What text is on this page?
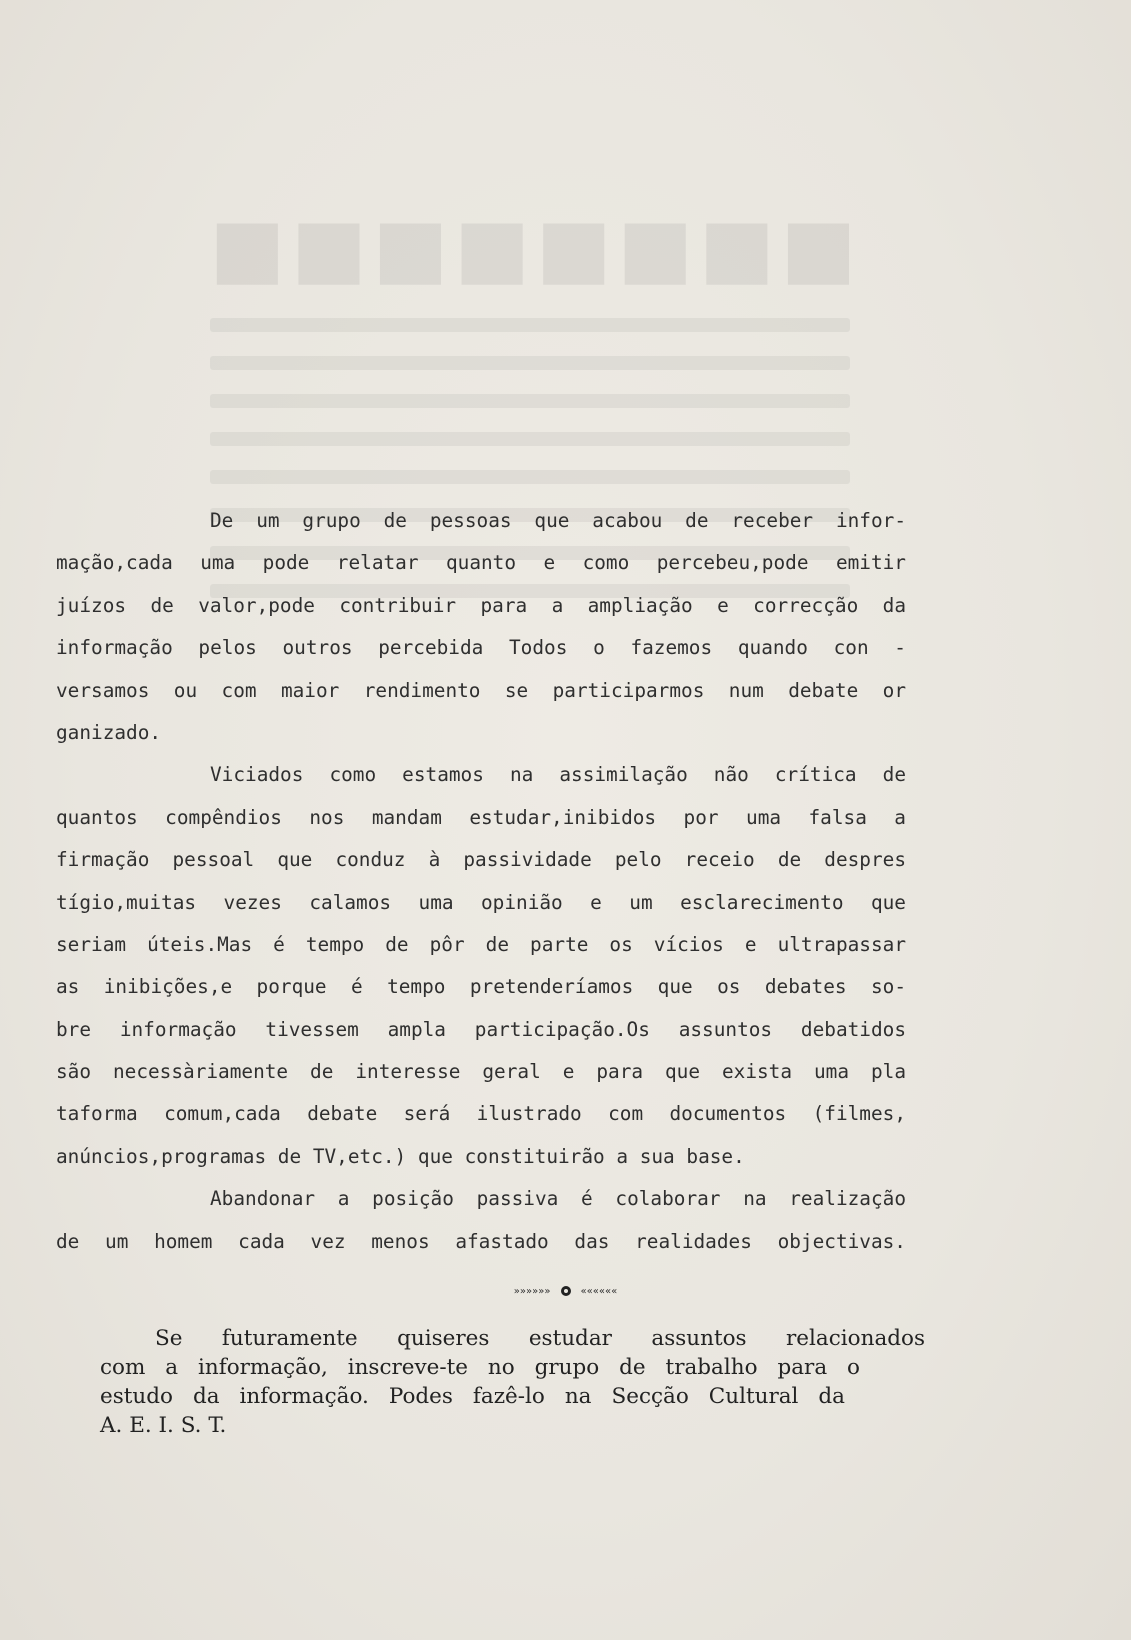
■■■■■■■■
De um grupo de pessoas que acabou de receber infor-
mação,cada uma pode relatar quanto e como percebeu,pode emitir
juízos de valor,pode contribuir para a ampliação e correcção da
informação pelos outros percebida Todos o fazemos quando con -
versamos ou com maior rendimento se participarmos num debate or
ganizado.
Viciados como estamos na assimilação não crítica de
quantos compêndios nos mandam estudar,inibidos por uma falsa a
firmação pessoal que conduz à passividade pelo receio de despres
tígio,muitas vezes calamos uma opinião e um esclarecimento que
seriam úteis.Mas é tempo de pôr de parte os vícios e ultrapassar
as inibições,e porque é tempo pretenderíamos que os debates so-
bre informação tivessem ampla participação.Os assuntos debatidos
são necessàriamente de interesse geral e para que exista uma pla
taforma comum,cada debate será ilustrado com documentos (filmes,
anúncios,programas de TV,etc.) que constituirão a sua base.
Abandonar a posição passiva é colaborar na realização
de um homem cada vez menos afastado das realidades objectivas.
»»»»»»	««««««
Se futuramente quiseres estudar assuntos relacionados
com a informação, inscreve-te no grupo de trabalho para o
estudo da informação. Podes fazê-lo na Secção Cultural da
A. E. I. S. T.
